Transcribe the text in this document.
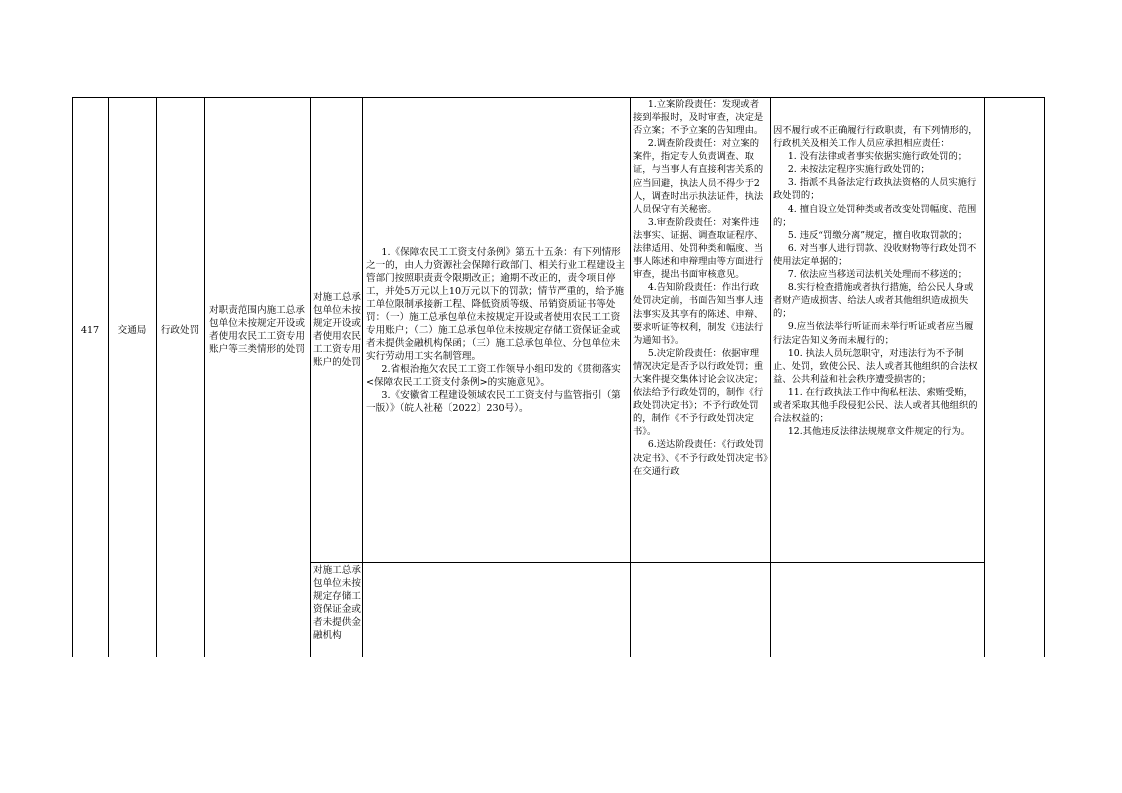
417 交通局 行政处罚
对职责范围内施工总承包单位未按规定开设或者使用农民工工资专用账户等三类情形的处罚
对施工总承包单位未按规定开设或者使用农民工工资专用账户的处罚
对施工总承包单位未按规定存储工资保证金或者未提供金融机构

1.《保障农民工工资支付条例》第五十五条：有下列情形之一的，由人力资源社会保障行政部门、相关行业工程建设主管部门按照职责责令限期改正；逾期不改正的，责令项目停工，并处5万元以上10万元以下的罚款；情节严重的，给予施工单位限制承接新工程、降低资质等级、吊销资质证书等处罚：（一）施工总承包单位未按规定开设或者使用农民工工资专用账户；（二）施工总承包单位未按规定存储工资保证金或者未提供金融机构保函；（三）施工总承包单位、分包单位未实行劳动用工实名制管理。

2.省根治拖欠农民工工资工作领导小组印发的《贯彻落实<保障农民工工资支付条例>的实施意见》。

3.《安徽省工程建设领域农民工工资支付与监管指引（第一版）》（皖人社秘〔2022〕230号）。

1.立案阶段责任：发现或者接到举报时，及时审查，决定是否立案；不予立案的告知理由。

2.调查阶段责任：对立案的案件，指定专人负责调查、取证，与当事人有直接利害关系的应当回避，执法人员不得少于2人，调查时出示执法证件，执法人员保守有关秘密。

3.审查阶段责任：对案件违法事实、证据、调查取证程序、法律适用、处罚种类和幅度、当事人陈述和申辩理由等方面进行审查，提出书面审核意见。

4.告知阶段责任：作出行政处罚决定前，书面告知当事人违法事实及其享有的陈述、申辩、要求听证等权利，制发《违法行为通知书》。

5.决定阶段责任：依据审理情况决定是否予以行政处罚；重大案件提交集体讨论会议决定；依法给予行政处罚的，制作《行政处罚决定书》；不予行政处罚的，制作《不予行政处罚决定书》。

6.送达阶段责任：《行政处罚决定书》、《不予行政处罚决定书》在交通行政

因不履行或不正确履行行政职责，有下列情形的，行政机关及相关工作人员应承担相应责任：

1. 没有法律或者事实依据实施行政处罚的；

2. 未按法定程序实施行政处罚的；

3. 指派不具备法定行政执法资格的人员实施行政处罚的；

4. 擅自设立处罚种类或者改变处罚幅度、范围的；

5. 违反“罚缴分离”规定，擅自收取罚款的；

6. 对当事人进行罚款、没收财物等行政处罚不使用法定单据的；

7. 依法应当移送司法机关处理而不移送的；

8.实行检查措施或者执行措施，给公民人身或者财产造成损害、给法人或者其他组织造成损失的；

9.应当依法举行听证而未举行听证或者应当履行法定告知义务而未履行的；

10. 执法人员玩忽职守，对违法行为不予制止、处罚，致使公民、法人或者其他组织的合法权益、公共利益和社会秩序遭受损害的；

11. 在行政执法工作中徇私枉法、索贿受贿，或者采取其他手段侵犯公民、法人或者其他组织的合法权益的；

12.其他违反法律法规规章文件规定的行为。
